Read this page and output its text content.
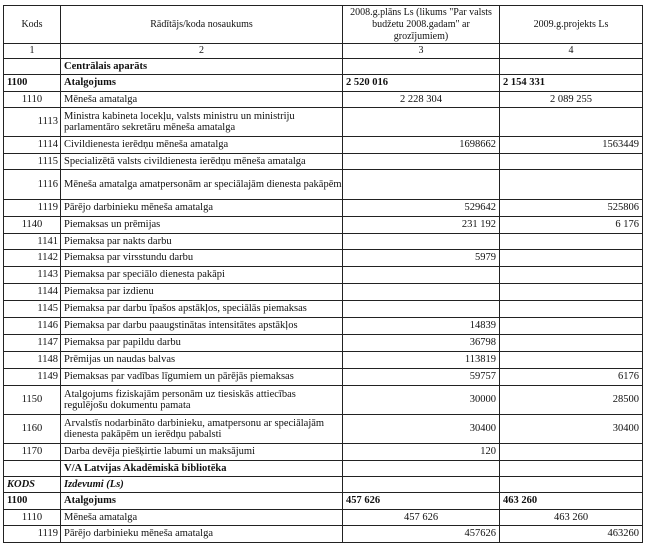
Kods	Rādītājs/koda nosaukums	2008.g.plāns Ls (likums "Par valsts budžetu 2008.gadam" ar grozījumiem)	2009.g.projekts Ls
1	2	3	4
	Centrālais aparāts		
1100	Atalgojums	2 520 016	2 154 331
1110	Mēneša amatalga	2 228 304	2 089 255
1113	Ministra kabineta locekļu, valsts ministru un ministriju parlamentāro sekretāru mēneša amatalga		
1114	Civildienesta ierēdņu mēneša amatalga	1698662	1563449
1115	Specializētā valsts civildienesta ierēdņu mēneša amatalga		
1116	Mēneša amatalga amatpersonām ar speciālajām dienesta pakāpēm		
1119	Pārējo darbinieku mēneša amatalga	529642	525806
1140	Piemaksas un prēmijas	231 192	6 176
1141	Piemaksa par nakts darbu		
1142	Piemaksa par virsstundu darbu	5979	
1143	Piemaksa par speciālo dienesta pakāpi		
1144	Piemaksa par izdienu		
1145	Piemaksa par darbu īpašos apstākļos, speciālās piemaksas		
1146	Piemaksa par darbu paaugstinātas intensitātes apstākļos	14839	
1147	Piemaksa par papildu darbu	36798	
1148	Prēmijas un naudas balvas	113819	
1149	Piemaksas par vadības līgumiem un pārējās piemaksas	59757	6176
1150	Atalgojums fiziskajām personām uz tiesiskās attiecības regulējošu dokumentu pamata	30000	28500
1160	Arvalstīs nodarbināto darbinieku, amatpersonu ar speciālajām dienesta pakāpēm un ierēdņu pabalsti	30400	30400
1170	Darba devēja piešķirtie labumi un maksājumi	120	
	V/A Latvijas Akadēmiskā bibliotēka		
KODS	Izdevumi (Ls)		
1100	Atalgojums	457 626	463 260
1110	Mēneša amatalga	457 626	463 260
1119	Pārējo darbinieku mēneša amatalga	457626	463260
